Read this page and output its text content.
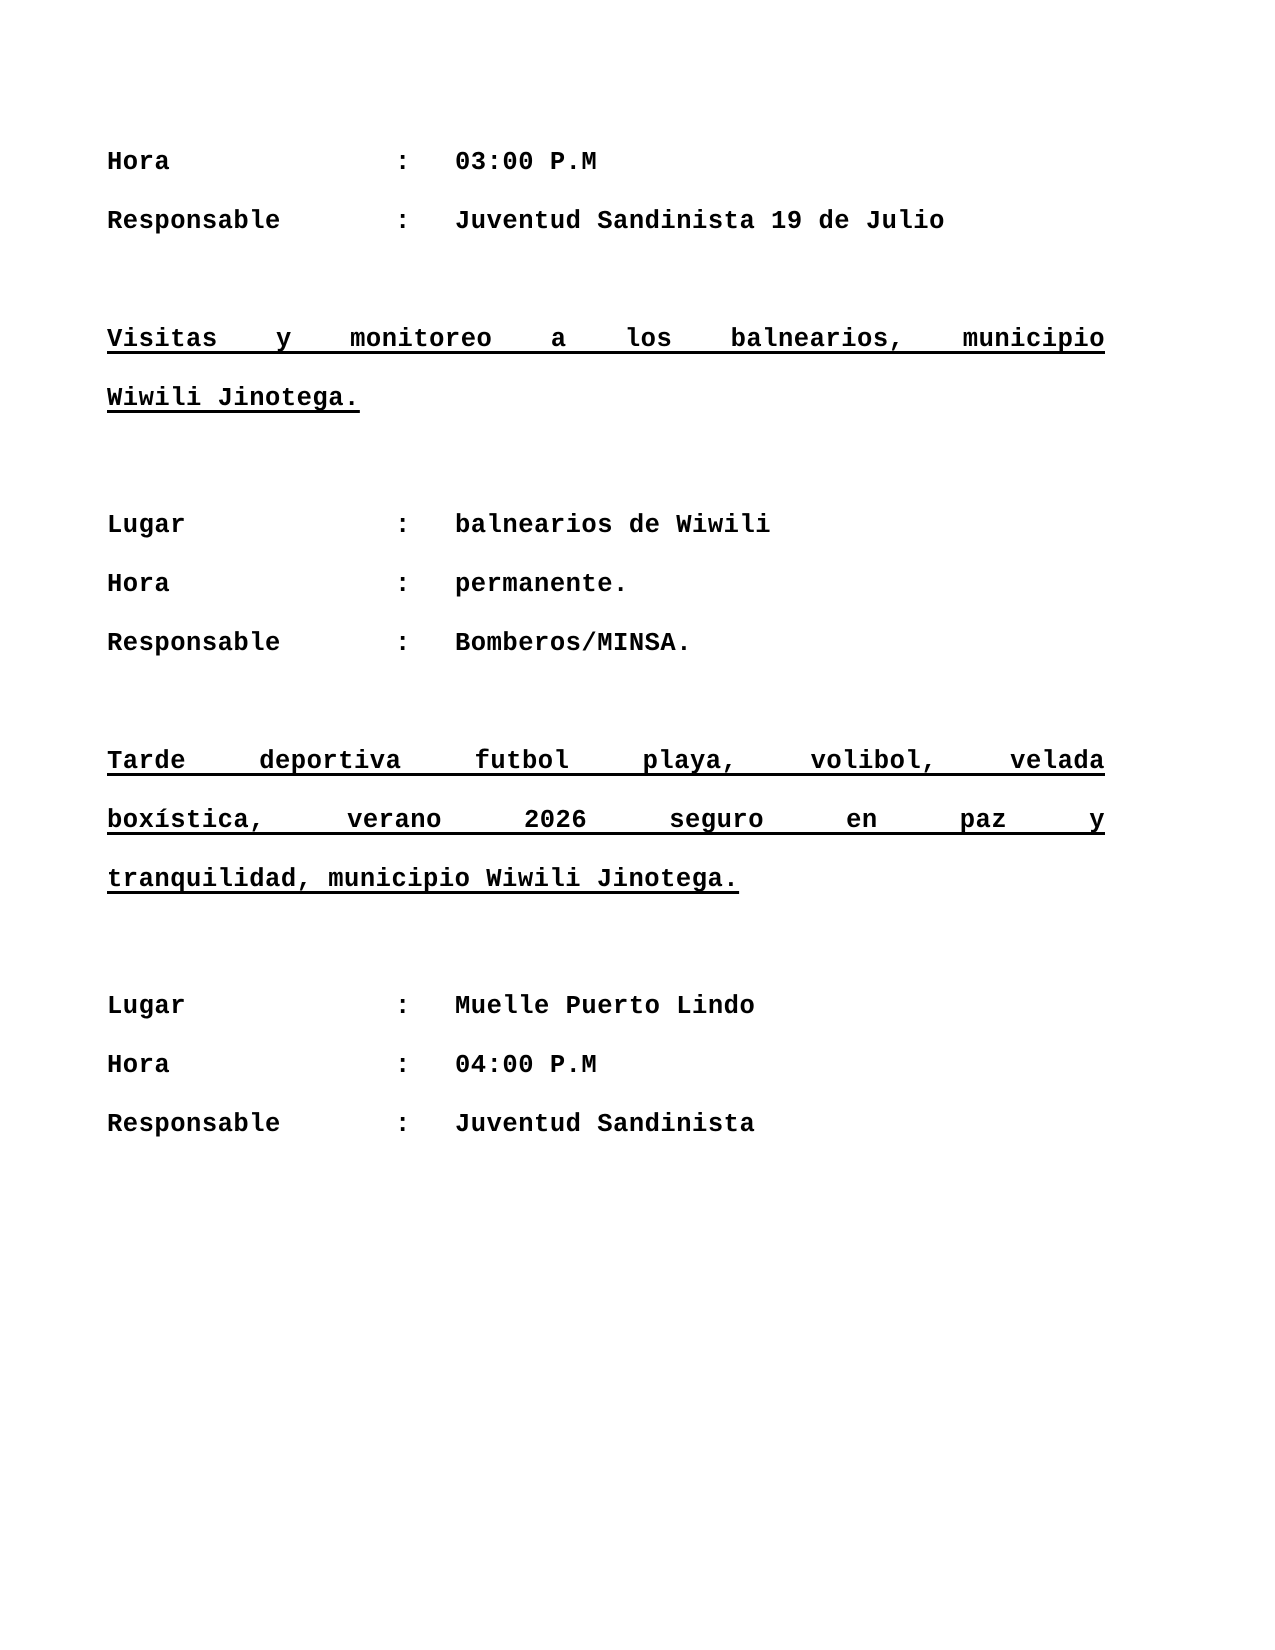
Hora	:	03:00 P.M
Responsable	:	Juventud Sandinista 19 de Julio
Visitas y monitoreo a los balnearios, municipio
Wiwili Jinotega.
Lugar	:	balnearios de Wiwili
Hora	:	permanente.
Responsable	:	Bomberos/MINSA.
Tarde deportiva futbol playa, volibol, velada
boxística, verano 2026 seguro en paz y
tranquilidad, municipio Wiwili Jinotega.
Lugar	:	Muelle Puerto Lindo
Hora	:	04:00 P.M
Responsable	:	Juventud Sandinista
